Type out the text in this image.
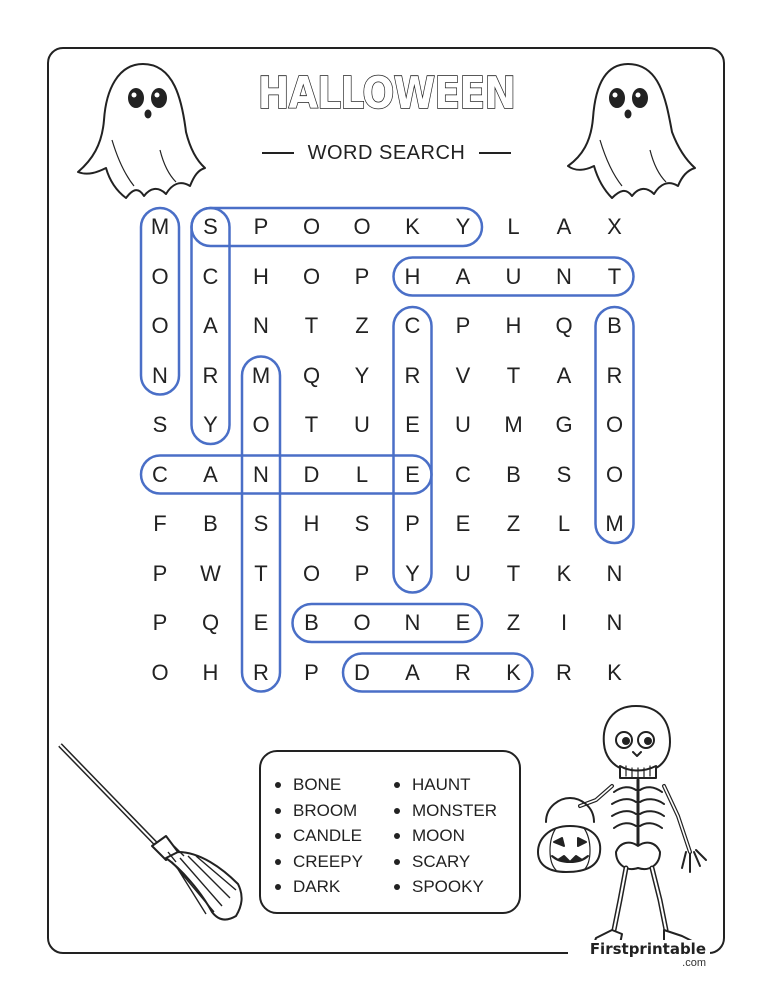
HALLOWEEN
WORD SEARCH
M	S	P	O	O	K	Y	L	A	X
O	C	H	O	P	H	A	U	N	T
O	A	N	T	Z	C	P	H	Q	B
N	R	M	Q	Y	R	V	T	A	R
S	Y	O	T	U	E	U	M	G	O
C	A	N	D	L	E	C	B	S	O
F	B	S	H	S	P	E	Z	L	M
P	W	T	O	P	Y	U	T	K	N
P	Q	E	B	O	N	E	Z	I	N
O	H	R	P	D	A	R	K	R	K
BONE
BROOM
CANDLE
CREEPY
DARK
HAUNT
MONSTER
MOON
SCARY
SPOOKY
Firstprintable
.com
